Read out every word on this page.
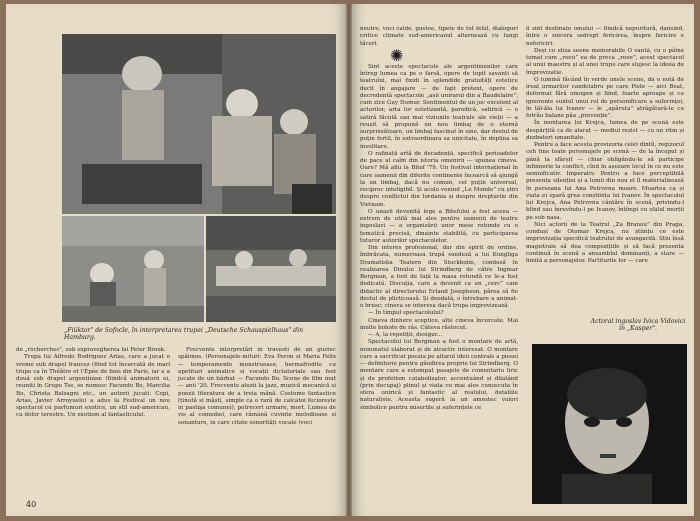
„Fiüktor" de Sofocle, în interpretarea trupei „Deutsche Schauspielhaus" din Hamburg.

de „rocherches", sub supravegherea lui Peter Brook.

Trupa lui Alfredo Rodriguez Arias, care a jucat o vreme sub drapel francez (fiind tot încercată de mari trupe ca în Théâtre et l'Épée de bois din Paris, iar e a două sub drapel argentinian (fiindcă animatorii ei, reuniti în Grupo Tse, se numesc Facundo Bo, Marcilia Bo, Christa Balzagni etc., un autorii jucati: Copi, Arias, Javier Arroyuelo) a adus la Festival un nou spectacol cu parfumuri exotice, un stil sud-american, cu dolor terestre. Un exotism al fantasticului.

Frecvente interpretări in travesti de un gustec spăimos. (Personajele-mituri: Eva Peron si Maria Felix — temperamente monstruoase, hermafrodite cu apetituri animalice si vocații dictatoriale sau fost jucate de un bărbat — Facundo Bo. Scene de film mut — anii '20. Frecvente aluzii la jazz, muzică mecanică si poezii literatura de a treia mână. Costume fantastice (ținută si măști, simple ca o rară de calcatoi feciorește in pastişa comunei), petreceri urmare, mort. Lumea de vis al comediei, care rămână cuvinte melodioase si sonanture, in care citate sonorități vocale (voci

40

neutre, voci calde, gustoe, tipete de tot felul, dialoguri critice climate sud-americanul alternează cu lungi tăceri.

✺

Sint aceste spectacole ale argentinienilor care întreg lumea ca pe o farsă, opere de topit savanti să teatrului, mai fixidi în splendide gratuități estetice decit în angajare — de fapt pretext, opere de decredentă spectacole „așii unirarui din a Baudelaire”, cum zice Guy Dumur. Sentimentul de un joc excelent al actorilor, arta lor estetizantă, parodică, satirică — o satiră făcută sau mai viziunile teatrale ale vieții — a reușit să propună un nou limbaj de o eternă surprinzătoare, un limbaj fascinat în sine, dar destul de puțin fertil, în extraordinara sa unicitate, în deplina sa insolitare.

O rafinată artă de decadență, specifică perioadelor de pace al calm din istoria omenirii — spunea cineva. Oare? Mă aflu la Bitef '79. Un festival internațional în care oamenii din diferite continente încearcă să ajungă la un limbaj, dacă nu comun, cel puțin universal, reciproc inteligibil. Și acolo venind „Le Monde” cu știri despre conflictul din Iordania și despre drepturile din Vietnam.

O unazii devenită lege a Bitefului a fost aceea — extrem de utilă mai ales pentru oamenii de teatru ingoslavi — a organizării unor mese rotunde cu o tematică precisă, dinainte stabilită, cu participarea tuturor autorilor spectacolelor.

Din interes profesional, dar din spirit de ordine, îmbrăcata, numeroasa trupă suedeză a lui Kungliga Dramatiska Teatern din Stockholm, condusă în realizarea Dinului lui Strindberg de către Ingmar Bergman, a fost de față la masa rotundă ce le-a fost dedicată. Discuția, care a devenit ca un „cerc” cam didactic al directorului Erland Josephson, pârea să fie destul de plicticoasă. Și deodată, o întrebare a animat-o brusc: cineva se interesa dacă trupa improvizează.

— În timpul spectacolului?

Cineva dinhere sceptice, alte cineva încercate. Mai multe bohote de râs. Câteva răstocut.

— A, la repetiții, desigur...

Spectacolul lui Bergman a fost o montare de artă, minunatul elaborat și de atractiv interesat. O montare care a sacrificat poezia pe altarul ideii centrale a piesei — definitorie pentru gândirea proprie lui Strindberg. O montare care a estompat pasajele de comentariu liric și de profetism catabolizator, accentuând și dilatând (prin decupaj) plinul și viata cu mai ales cunoscuta în sfera onirică și fantastic al realului, detaliile naturaliste. Aceasta sugeră la un amestec valori simbolice pentru miseriile și suferințele ce

ii sint destinate omului — fiindcă nepuritură, dansind, între o sincera sedrept fericirea, înspre fericire e nefericiri.

Deși cu eliza seene memorabile O vantă, cu o pâine tomat cum „reeu” ea de preca „reee”, acest spectacol al unui maestru și al unei trupe care slujesc la ideea de împrovizatie.

O lumină făcând în verde unele scene, da o notă de ireal urmarilor candelabru pe care Piste — aici Beat, deformat fără omogen și fiind, foarte aproape și cu ignorente suntul unui rol de personificare a suferinței, în tăl-ăla lui Ivanov — le „apăruta” atrăgătură-le cu fotrău balane pâa „prevenție”.

În montarea lui Krejca, lumea de pe scenă este despărțită ca de alarat — mediul rezist — cu un ritm și dezbateri umanitate.

Pentru a face acesta provizoria celei dintîi, regizorul ceh tine toate personajele pe scenă — de la început și până la sfârșit — chiar obligându-le să participe infinnerie la conflict, cînd în așezare locul în ce nu este semnificativ. Imperativ. Pentru a face perceptibilă prezența silenției și a lumii din nou el îl materializează în persoana lui Ana Petrovna moare. Moartea ca și viata ei spară grea conștiința lui Ivanov. În spectacolul lui Krejca, Ana Petrovna cântăre în scenă, privindu-l blînd sau înrevîndu-l pe Ivanov, întîmpi cu sfalul morții pe sub nasa.

Nici actorii de la Teatrul „Za Branou” din Praga, conduși de Otomar Krejca, nu științu ce este improvizația specifică teatrului de avangardă. Stiu însă magistrale să dea compozițiile și să facă prezenta continuă în scenă a ansamblul dominanți, a stare — limită a personajelor. Partiturile lor — care

Actoral ingoslav Ivica Vidovici în „Kasper".
